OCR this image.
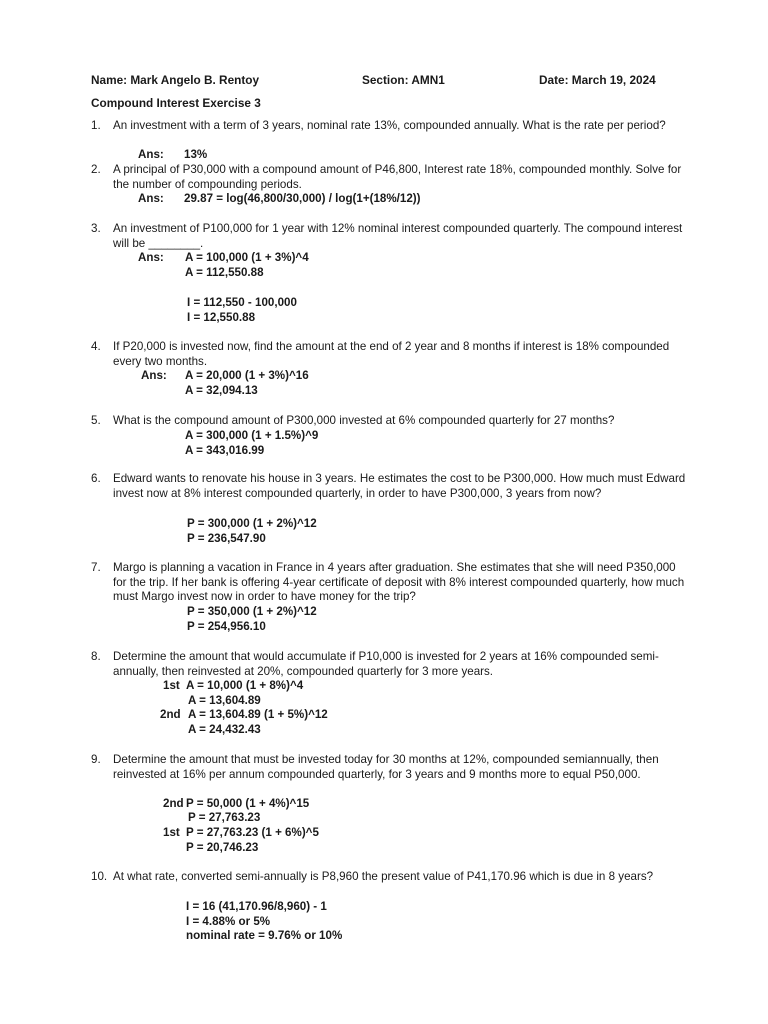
Name: Mark Angelo B. Rentoy	Section: AMN1	Date: March 19, 2024
Compound Interest Exercise 3
1. An investment with a term of 3 years, nominal rate 13%, compounded annually. What is the rate per period?
Ans: 13%
2. A principal of P30,000 with a compound amount of P46,800, Interest rate 18%, compounded monthly. Solve for the number of compounding periods.
Ans: 29.87 = log(46,800/30,000) / log(1+(18%/12))
3. An investment of P100,000 for 1 year with 12% nominal interest compounded quarterly. The compound interest will be ________.
Ans: A = 100,000 (1 + 3%)^4
A = 112,550.88
I = 112,550 - 100,000
I = 12,550.88
4. If P20,000 is invested now, find the amount at the end of 2 year and 8 months if interest is 18% compounded every two months.
Ans: A = 20,000 (1 + 3%)^16
A = 32,094.13
5. What is the compound amount of P300,000 invested at 6% compounded quarterly for 27 months?
A = 300,000 (1 + 1.5%)^9
A = 343,016.99
6. Edward wants to renovate his house in 3 years. He estimates the cost to be P300,000. How much must Edward invest now at 8% interest compounded quarterly, in order to have P300,000, 3 years from now?
P = 300,000 (1 + 2%)^12
P = 236,547.90
7. Margo is planning a vacation in France in 4 years after graduation. She estimates that she will need P350,000 for the trip. If her bank is offering 4-year certificate of deposit with 8% interest compounded quarterly, how much must Margo invest now in order to have money for the trip?
P = 350,000 (1 + 2%)^12
P = 254,956.10
8. Determine the amount that would accumulate if P10,000 is invested for 2 years at 16% compounded semi-annually, then reinvested at 20%, compounded quarterly for 3 more years.
1st A = 10,000 (1 + 8%)^4
A = 13,604.89
2nd A = 13,604.89 (1 + 5%)^12
A = 24,432.43
9. Determine the amount that must be invested today for 30 months at 12%, compounded semiannually, then reinvested at 16% per annum compounded quarterly, for 3 years and 9 months more to equal P50,000.
2nd P = 50,000 (1 + 4%)^15
P = 27,763.23
1st P = 27,763.23 (1 + 6%)^5
P = 20,746.23
10. At what rate, converted semi-annually is P8,960 the present value of P41,170.96 which is due in 8 years?
I = 16 (41,170.96/8,960) - 1
I = 4.88% or 5%
nominal rate = 9.76% or 10%
